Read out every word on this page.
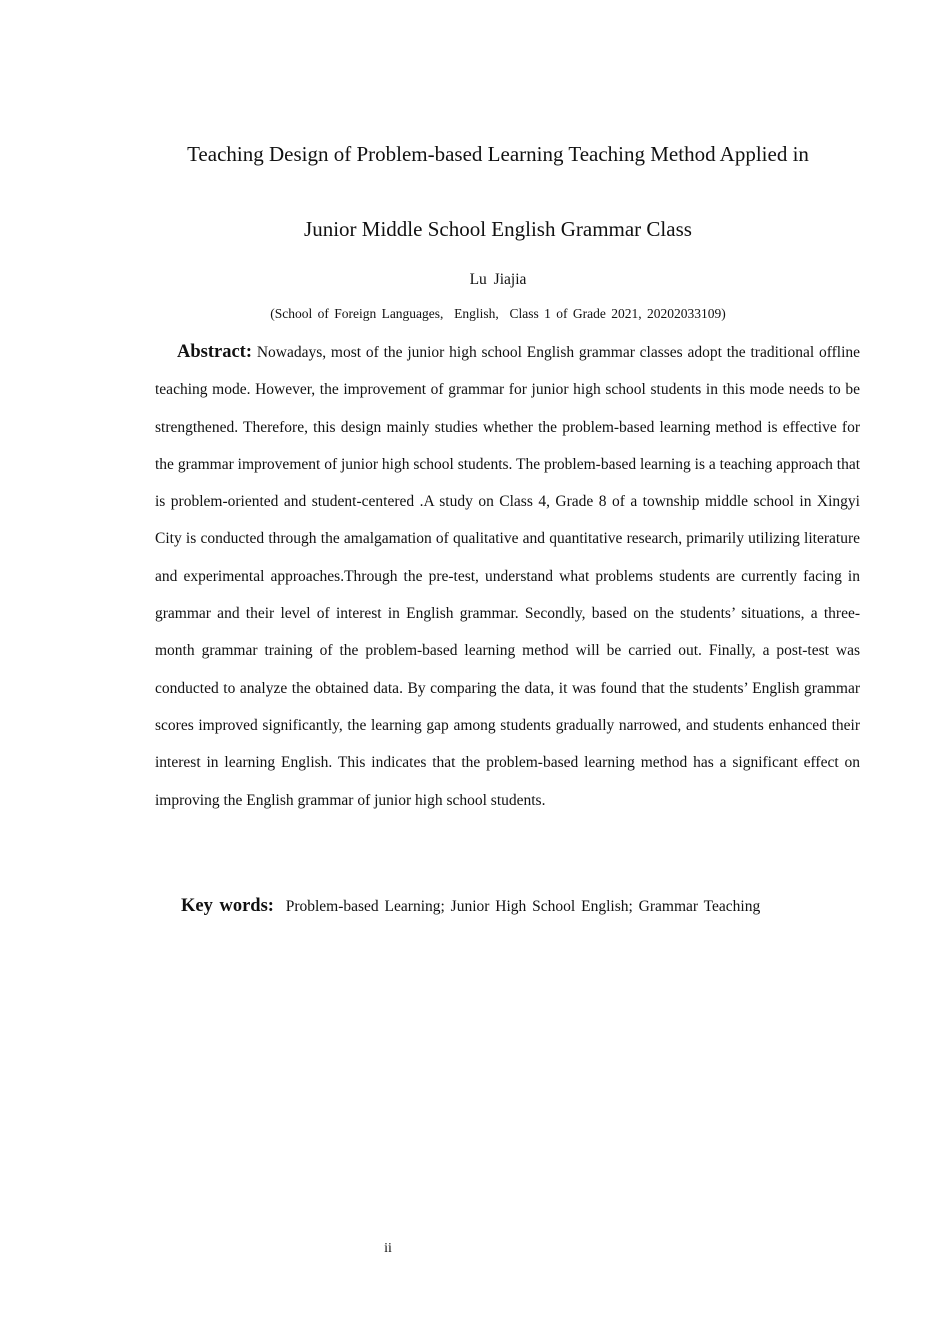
Teaching Design of Problem-based Learning Teaching Method Applied in
Junior Middle School English Grammar Class
Lu Jiajia
(School of Foreign Languages,  English,  Class 1 of Grade 2021, 20202033109)

Abstract: Nowadays, most of the junior high school English grammar classes adopt the traditional offline teaching mode. However, the improvement of grammar for junior high school students in this mode needs to be strengthened. Therefore, this design mainly studies whether the problem-based learning method is effective for the grammar improvement of junior high school students. The problem-based learning is a teaching approach that is problem-oriented and student-centered .A study on Class 4, Grade 8 of a township middle school in Xingyi City is conducted through the amalgamation of qualitative and quantitative research, primarily utilizing literature and experimental approaches.Through the pre-test, understand what problems students are currently facing in grammar and their level of interest in English grammar. Secondly, based on the students’ situations, a three-month grammar training of the problem-based learning method will be carried out. Finally, a post-test was conducted to analyze the obtained data. By comparing the data, it was found that the students’ English grammar scores improved significantly, the learning gap among students gradually narrowed, and students enhanced their interest in learning English. This indicates that the problem-based learning method has a significant effect on improving the English grammar of junior high school students.

Key words: Problem-based Learning; Junior High School English; Grammar Teaching

ii
